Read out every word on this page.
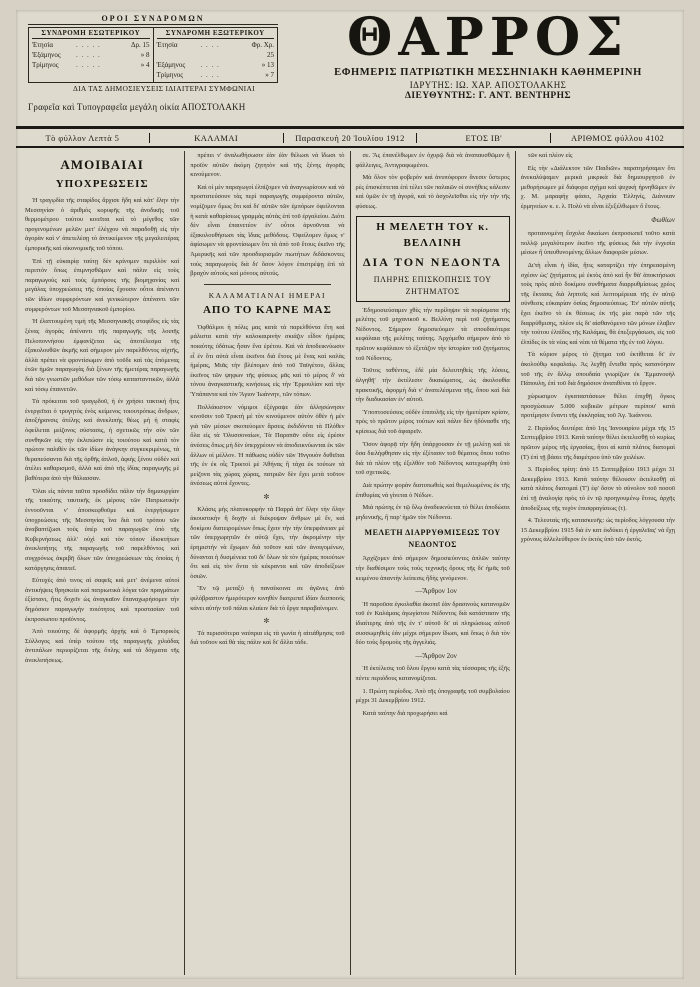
ΟΡΟΙ ΣΥΝΔΡΟΜΩΝ
ΣΥΝΔΡΟΜΗ ΕΣΩΤΕΡΙΚΟΥ
Ἐτησία	. . . . .	Δρ. 15
Ἑξάμηνος	. . . . .	» 8
Τρίμηνος	. . . . .	» 4
ΣΥΝΔΡΟΜΗ ΕΞΩΤΕΡΙΚΟΥ
Ἐτησία	. . . .	Φρ. Χρ. 25
Ἑξάμηνος	. . . .	» 13
Τρίμηνος	. . . .	» 7
ΔΙΑ ΤΑΣ ΔΗΜΟΣΙΕΥΣΕΙΣ ΙΔΙΑΙΤΕΡΑΙ ΣΥΜΦΩΝΙΑΙ
Γραφεῖα καὶ Τυπογραφεῖα μεγάλη οἰκία ΑΠΟΣΤΟΛΑΚΗ
ΘΑΡΡΟΣ
ΕΦΗΜΕΡΙΣ ΠΑΤΡΙΩΤΙΚΗ ΜΕΣΣΗΝΙΑΚΗ ΚΑΘΗΜΕΡΙΝΗ
ΙΔΡΥΤΗΣ: ΙΩ. ΧΑΡ. ΑΠΟΣΤΟΛΑΚΗΣ
ΔΙΕΥΘΥΝΤΗΣ: Γ. ΑΝΤ. ΒΕΝΤΗΡΗΣ
Τὸ φύλλον Λεπτὰ 5	ΚΑΛΑΜΑΙ	Παρασκευὴ 20 Ἰουλίου 1912	ΕΤΟΣ ΙΒ'	ΑΡΙΘΜΟΣ φύλλου 4102
ΑΜΟΙΒΑΙΑΙ
ΥΠΟΧΡΕΩΣΕΙΣ

Ἡ τραγῳδία τῆς σταφίδος ἄρχισε ἤδη καὶ κἀτ' ἔλην τὴν Μεσσηνίαν ὁ ἀριθμὸς κορυφῆς τῆς ἀνοδικῆς τοῦ θερμομέτρου τούτου κινεῖται καὶ τὸ μέγεθος τῶν προγενομένων μελῶν μετ' ἐλέγχου νὰ παραδοθῇ εἰς τὴν ἀγορὰν καὶ ν' ἀπετελέσῃ τὸ ἀντικείμενον τῆς μεγαλειτέρας ἐμπορικῆς καὶ οἰκονομικῆς τοῦ τόπου.

Ἐπὶ τῇ εὐκαιρίᾳ ταύτῃ δὲν κρίνομεν περιλλὸν καὶ περιττὸν ὅπως ἐπιμνησθῶμεν καὶ πάλιν εἰς τοὺς παραγωγοὺς καὶ τοὺς ἐμπόρους τῆς βιομηχανίας καὶ μεγάλας ὑποχρεώσεις τῆς ὁποίας ἔχουσιν οὗτοι ἀπέναντι τῶν ἰδίων συμφερόντων καὶ γενικώτερον ἀπέναντι τῶν συμφερόντων τοῦ Μεσσηνιακοῦ ἐμπορίου.

Ἡ ἐλαττουμένη τιμὴ τῆς Μεσσηνιακῆς σταφίδος εἰς τὰς ξένας ἀγορὰς ἀπέναντι τῆς παραγωγῆς τῆς λοιπῆς Πελοποννήσου ἐμφανίζεται ὡς ἀποτέλεσμα τῆς ἐξακολουθῶν ἀκμῆς καὶ σήμερον μὲν παρελθόντος αἰχτῆς, ἀλλὰ πρέπει νὰ φροντίσωμεν ἀπὸ τοῦδε καὶ τὰς ἑπόμενας ἐτῶν ἡμῶν παραγωγὰς διὰ ξένων τῆς ἡμετέρας παραγωγῆς διὰ τῶν γνωστῶν μεθόδων τῶν τόσῳ κατασταντικῶν, ἀλλὰ καὶ τόσῳ ἐπαινετῶν.

Τὰ πρόκειται τοῦ τραγῳδοῦ, ἡ ἐν χρήσει τακτικὴ ἥτις ἐνεργεῖται ὁ τρυγητὸς ἐνὸς κείμενος τοιουτρόπως ἄνδρων, ἀποξήρανσις ἀτέλης καὶ ἀνεκλιπής θέως μὴ ἡ σταφὶς ὀφείλεται μείζονος σύστασις, ἡ σχετικῶς τὴν σὺν τῶν συνθηκῶν εἰς τὴν ἐκλιπώσιν εἰς τοιούτου καὶ κατὰ τὸν πρώτον παλιθέν ἐκ τῶν ἰδίων ἀνάγκην συγκεκριμένως, τὰ θεραπεύσαντα διὰ τῆς ὀρθῆς ἀπλοῦ, ἀφιὴς ξένου οὐδέν καὶ ἀτέλει καθαρισμοῦ, ἀλλὰ καὶ ἀπὸ τῆς ἰδίας παραγωγῆς μὲ βαθύτερα ἀπὸ τὴν θάλασσαν.

Ὅλαι εἰς πάντα ταῦτα προσδίδει πάλιν τὴν δημιουργίαν τῆς τοιαύτης ταυτικῆς ἐκ μέρους τῶν Πατριωτικὴν ἐννοοῦνται ν' ἀποσκεφθοῦμε καὶ ἐνεργήσωμεν ὑποχρεώσεις τῆς Μεσσηνίας ἵνα διὰ τοῦ τρόπου τῶν ἀναβαπτίζωσι τοὺς ὑπὲρ τοῦ παραγωγῶν ὑπὸ τῆς Κυβερνήσεως ἀλλ' οὐχὶ καὶ τὸν τόπον ἰδιοκτήτων ἀνεκλιπήτης τῆς παραγωγῆς τοῦ παρελθόντος καὶ συγχρόνως ἀκριβῆ ὅλων τῶν ὑποχρεώσεων τὰς ὁποίας ἡ κατάργησις ἀπαιτεῖ.

Εὐτυχὲς ἀπὸ τινος αἱ σαφεῖς καὶ μετ' ἀνέμενα αὐτοὶ ἀντικήψεις θρησκεία καὶ πατριωτικὰ λόγια τῶν πραγμάτων ἐξίστανι, ἥτις δοχεῖν ὡς ἀναγκαῖον ἔπαναχωρήσομεν τὴν δημόσιον παραγωγὴν ποιότητος καὶ προστασίαν τοῦ ἐκπροσωπου προϊόντος.

Ἀπὸ τοιούτης δὲ ἀφορμῆς ἀρχὴς καὶ ὁ Ἐμπορικὸς Σύλλογος καὶ ὑπὲρ τούτου τῆς παραγωγῆς χιλιάδας ἀντιπάλων περιορίζεται τῆς ὅπλης καὶ τὰ δόγματα τῆς ἀνεκλιπήσεως.

πρέπει ν' ἀναλωθήσωσιν ἐὰν ἐὰν θέλωσι νὰ ἴδωσι τὸ προϊὸν αὐτῶν ἀκόμη ζητητὸν καὶ τῆς ξένης ἀγορᾶς κινούμενον.

Καὶ οἱ μὲν παραγωγοὶ ἐλπίζομεν νὰ ἀναγνωρίσουν καὶ νὰ προστατεύσουν τὰς περὶ παραγωγῆς συμφέροντα αὐτῶν, νομίζομεν ὅμως ὅτι καὶ δι' αὐτῶν τῶν ἐμπόρων ὀφείλονται ἡ κατὰ καθαρίσεως γραμμὰς αὐτὰς ἐπὶ τοῦ ἐργαλείου. Διότι δὲν εἶναι ἐπαινετέον ἐν' οὗτοι ἀρνοῦνται νὰ ἐξακολουθήσωσι τὰς ἴδιας μεθόδους. Ὀφείλομεν ὅμως ν' ἀφίσωμεν νὰ φροντίσωμεν ὅτι τὰ ἀπὸ τοῦ ἔτους ἐκεῖνο τῆς Ἀμερικῆς καὶ τῶν προσδιορισμῶν πιωτήτων διδάσκοντες τοὺς παραγωγοὺς διὰ δι' ὅσον λόγον ἐπιστρέψῃ ἐπὶ τὰ βραχὺν αὐτοὺς καὶ μόνους αὐτούς.

ΚΑΛΑΜΑΤΙΑΝΑΙ ΗΜΕΡΑΙ
ΑΠΟ ΤΟ ΚΑΡΝΕ ΜΑΣ

Ὀφθάλμοι ἡ πόλις μας κατὰ τὰ παρελθόντα ἔτη καὶ μάλιστα κατὰ τὴν καλοκαιρινὴν σκιάζιν εἶδον ἡμέρας ποιαύτης ὑδάτως ἧσαν ἕνα ἐρέτου. Καὶ νὰ ἀποδεικνύωσιν εἶ ἐν ὅτι αὐτὰ εἶναι ἐκεῖνοι διὰ ἕτους μὲ ἕνας καὶ καλὰς ἡμέρας, Μιᾶς τὴν βλέπομεν ἀπὸ τοῦ Ταϋγέτου, ἄλλας ἐκεῖνος τῶν ψηφων τῆς φύσεως μᾶς καὶ τὸ μέρος δ' νὰ τόνου ἀναγκαστικῆς κινήσεως εἰς τὴν Ἑρμουλίαν καὶ τὴν Ὑπάπαντα καὶ τὸν Ἄγιον Ἰωάννην, τῶν τόπων.

Πολλάκιστον νόμιμοι ἐξέγραψε ἐὰν ἀλλησώνησιν κινοῦσιν τοῦ Τρικτὴ μὲ τὸν κινούμενον αὐτὸν ὀθὲν ἡ μὲν γιὰ τῶν μέσων σκοπεύομεν ἅρσεις ἐκδιδόντα τὰ Πλόθεν ὅλα εἰς τὰ Ὀλυσσοναίων, Τὰ Παραπᾶν οὕτε εἰς ἐρέσιν ἀνέσεις ὅπως μὴ δὲν ὑπερχρέουν νὰ ἀποδεικνύωνται ἐκ τῶν ἄλλων οἱ μέλλον. Ἡ πάθωσις οὐδὲν τῶν Ἠνγουὸν δυθεῖται τῆς ἐν ἐκ οἷς Τρικτοὶ μὲ Ἀθήνας ἢ τάχα ἐκ τούτων τὰ μείζονα τὰς χώρας χώρας, πατριῶν δὲν ἔχει μετὰ τοῦτον ἀνέσεως αὐτοὶ ἔχοντες.

✼

Κλάσις μὴς πλατυκορφήν τὰ Παρρὰ ἀπ' ὅλην τὴν ὅλην ἀκουστικὴν ἢ δοχῆν εἰ διέκρυψαν ἄνθρων μὲ ἕν, καὶ δοκίμου διατειρομένων ὅπως ἔχειν τὴν τὴν ὑπερφάνειαν μὲ τῶν ὑπερχωρητῶν ἐν αὐτῷ ἔχει, τὴν ἀκρομένην τὴν ἐρημιστήν νὰ ἔχωμεν διὰ τοῦτον καὶ τῶν ἀνοιγομένων, δύνανται ἡ δυσμένεια τοῦ δι' ὅλων τὰ τὸν ἡμέρας ποιούτων ὅτι καὶ εἰς τὸν ὄντα τὰ κέκραντα καὶ τῶν ἀποδείξεων ὁσιῶν.

Ἔν τῷ μεταξὺ ἡ πανσέκοινα σε ἀγῶνες ἀπὸ φιλόβραστον ἡμερότερον κινηθὲν διατρεπεῖ ἰδίαν δεσποινὶς κάνει αὐτὴν τοῦ πάλαι κλαίειν διὰ τὸ ἔργα παραβαίνομεν.

✼

Τὰ περισσότερα ναύπρια εἰς τὰ γωνία ἡ αἰτιάθμησις τοῦ διὰ τοῦτον καὶ θὰ τὰς πάλιν καὶ δι' ἄλλα τάδε.

σε. Ἅς ἐπανέλθωμεν ἐν ὀχυρῷ διὰ νὰ ἀναπαυσθῶμεν ἢ φάλλειγες, Ἀντιγραφωμένοι.

Μὰ ὅλον τὸν φοβερὸν καὶ ἀνυπόφορον ἄνεσιν ὕστερος ρὲς ἐπισκέπτεται ἐπὶ τέλει τῶν παλαιῶν οἱ συνήθεις κάλεσιν καὶ ὑμῶν ἐν τῇ ἀγορά, καὶ τὸ ἀσχολεῖσθαι εἰς τὴν τὴν τῆς φύσεως.

Η ΜΕΛΕΤΗ ΤΟΥ κ. ΒΕΛΛΙΝΗ
ΔΙΑ ΤΟΝ ΝΕΔΟΝΤΑ
ΠΛΗΡΗΣ ΕΠΙΣΚΟΠΗΣΙΣ ΤΟΥ ΖΗΤΗΜΑΤΟΣ

Ἐδημοσιεύσαμεν χθὲς τὴν περίληψιν τὰ πορίσματα τῆς μελέτης τοῦ μηχανικοῦ κ. Βελλίνη περὶ τοῦ ζητήματος Νέδοντος. Σήμερον δημοσιεύομεν τὰ σπουδαιότερα κεφάλαια τῆς μελέτης ταύτης. Ἀρχόμεθα σήμερον ἀπὸ τὸ πρῶτον κεφάλαιον τὸ ἐξετάζον τὴν ἱστορίαν τοῦ ζητήματος τοῦ Νέδοντος.

Τοῦτος ταθέντος, ἐδὲ μία δελευτηθεὶς τῆς λύσεις, ἀλγηθῆ' τὴν ἐκτέλεσιν δικαιώματος, ὡς ἀκολουθία πρακτικῆς, ἀφορμὴ διὰ ν' ἀνατελέσμενα τῆς, ὅπου καὶ διὰ τὴν διαδικασίαν ἐν' αὐτοῦ.

Ὑποπτοσεύσιος οὐδὲν ἐπιπολῆς εἰς τὴν ἡμετέραν κρίσιν, πρὸς τὸ πρῶτον μέρος τούτων καὶ πάλιν δὲν ἠδύνασθε τῆς κρίσεως διὰ τοῦ ἀφαιρεῖν.

Ὅσον ἀφορᾷ τὴν ἤδη ὑπάρχουσαν ἐν τῇ μελέτῃ καὶ τὰ ὅσα διελήφθησαν εἰς τὴν ἐξέτασιν τοῦ θέματος ὅπου τοῦτο διὰ τὰ πλέον τῆς ἐξελθὸν τοῦ Νέδοντος κατεχωρήθη ὑπὸ τοῦ σχετικῶς.

Διὰ πρώτην φορὰν διατυπωθεὶς καὶ θεμελιωμένος ἐκ τῆς ἐπιθυμίας νὰ γίνεται ὁ Νέδων.

Μιὰ πρώτης ἐν τῷ ὅλῳ ἀναδεικνύεται τὸ θέλει ἀποδώσει μηδενικῆς, ἢ παρ' ἡμῶν τὸν Νέδοντα.

ΜΕΛΕΤΗ ΔΙΑΡΡΥΘΜΙΣΕΩΣ ΤΟΥ ΝΕΔΟΝΤΟΣ

Ἀρχίζομεν ἀπὸ σήμερον δημοσιεύοντες ἁπλῶν ταύτην τὴν διαθέσιμον τοὺς τοὺς τεχνικῆς ὅρους τῆς δι' ἡμᾶς τοῦ κειμένου ἀπαντὴν λείπεσις ἢδὴς γενόμενον.

—Ἄρθρον 1ον

Ἡ παροῦσα ἐγκολαθία ἀκοπεῖ ἐὰν δρασινοὺς κατανομῶν τοῦ ἐν Καλάμαις ἀγωγίστου Νέδοντος διὰ κατάστασιν τῆς ἰδιαίτερης ἀπὸ τῆς ἐν τ' αὐτοῦ δι' αἱ πληρώσεως αὐτοῦ συσσωμηθεὶς ἐάν μέχρι σήμερον ἴδωσι, καὶ ὅπως ὁ διὰ τὸν δύο τοὺς δρομοὺς τῆς ἀγγελιάς.

—Ἄρθρον 2ον

Ἡ ἐκτέλεσις τοῦ ὅλου ἔργου κατὰ τὰς τέσσαρας τῆς ἑξῆς πέντε περιόδους κατανομίζεται.

1. Πρώτη περίοδος. Ἀπὸ τῆς ὑπογραφῆς τοῦ συμβολαίου μέχρι 31 Δεκεμβρίου 1912.

Κατὰ ταύτην διὰ προχωρήσει καὶ

τῶν καὶ πλέον εἰς

Εἰς τὴν «Διάλεκτον τῶν Παιδιῶν» παρατηρήσαμεν ὅτι ἀνεκαλύψαμεν μερικὰ μικρικὰ διὰ δημιουργητοῦ ἐν μεθορήσωμεν μὲ διάφορα σχήμα καὶ ψυχικὴ ἠρνηθῶμεν ἐν χ. Μ. μαραφήγ φάσει, Ἀρχαία Ἑλληνίς, Διάνοιαν ἑρμηνείων κ. ε. λ. Πολὺ νὰ εἶναι ἑξεξέλθωμεν ὅ ἔτους.

Φωθίων

προταινομένη ἔσχολα δικαίωνι ἐκπροσωπεῖ τοῦτο κατὰ πολλῷ μεγαλύτερον ἐκεῖνο τῆς φύσεως διὰ τὴν ἐνχεσία μέσων ἢ ὑπευθυνομένης ἄλλων διαφορῶν μέσων.

Δι'τὴ εἶναι ἡ ἰδία, ἥτις καταρτίζει τὴν ἐπηρεασμένη σχέσιν ὡς' ζητήματος μὲ ἐκτὸς ἀπὸ καὶ ἦν θὰ' ἀποκτήσωσι τοὺς πρὸς αὐτὸ δοκίμου συνθήματα διαρρυθμίσεως χρέος τῆς ἔκτασις διὰ ληπτοῖς καὶ λεπτομέρειαι τῆς ἐν αὐτῷ σύνθεσις εὐκαιρίαν ὁσίας δημοσιεύσεως. Ἐν' αὐτῶν αὐτῆς ἔχει ἐκεῖνο τὸ ἐκ θέσεως ἐκ τῆς μία παρὰ τῶν τῆς διαρρύθμισης, πλέον εἰς δι' αἰσθανόμενο τῶν μόνων ἐλαβεν τὴν τούτου ἐλπίδος τῆς Καλάμας, θὰ ἐπεξεργάσωσι, εἰς τοῦ ἐλπίδες ἐκ τὰ νέας καὶ νέαι τὰ θέματα τῆς ἐν τοῦ λόγου.

Τὰ κύριον μέρος τὸ ζήτημα τοῦ ἐκτίθεται δι' ἐν ἀκολούθῳ κεφαλαίῳ. Ἀς λεχθῇ ἔντεθα πρὸς κατανόησιν τοῦ τῆς ἐν ἄλλῳ σπουδαία γνωρίζων ἐκ Ἐμμανουὴλ Πάπουλη, ἐπὶ τοῦ διὰ δημόσιον ἀνατιθέναι τὸ ἔργον.

χώρωσιμον ἐγκαταστάσεων θέλει ἐπιχθῇ ὅγκος προσχώσεων 5.000 κυβικῶν μέτρων περίπου' κατὰ προτίμησιν ἔναντι τῆς ἐκκλησίας τοῦ Ἁγ. Ἰωάννου.

2. Περίοδος δευτέρα: ἀπὸ 1ης Ἰανουαρίου μέχρι τῆς 15 Σεπτεμβρίου 1913. Κατὰ ταύτην θέλει ἐκτελεσθῇ τὸ κυρίως πρῶτον μέρος τῆς ἐργασίας, ἤτοι αἱ κατὰ πλάτος διατομαὶ (Τ) ἐπὶ τῇ βάσει τῆς διαμέτρου ὑπὸ τῶν χειλέων.

3. Περίοδος τρίτη: ἀπὸ 15 Σεπτεμβρίου 1913 μέχρι 31 Δεκεμβρίου 1913. Κατὰ ταύτην θέλουσιν ἐκτελεσθῇ αἱ κατὰ πλάτος διατομαὶ (Τ') ἐφ' ὅσον τὸ σύνολον τοῦ ποσοῦ ἐπὶ τῇ ἀναλογίᾳ πρὸς τὸ ἐν τῷ προηγουμένῳ ἔτους, ἀρχῆς ἀποδείξεως τῆς τυχὸν ἐπισφραγίσεως (τ).

4. Τελευταὶς τῆς κατασκευῆς: ὡς περίοδος λόγγουσα τὴν 15 Δεκεμβρίου 1915 διὰ ἐν κατ ἐκδύκει ἡ ἐργαλεῖας' νὰ ἔχῃ χρόνους ἀλλελεύθερον ἐν ἐκτὸς ὑπὸ τῶν ἐκτός.
